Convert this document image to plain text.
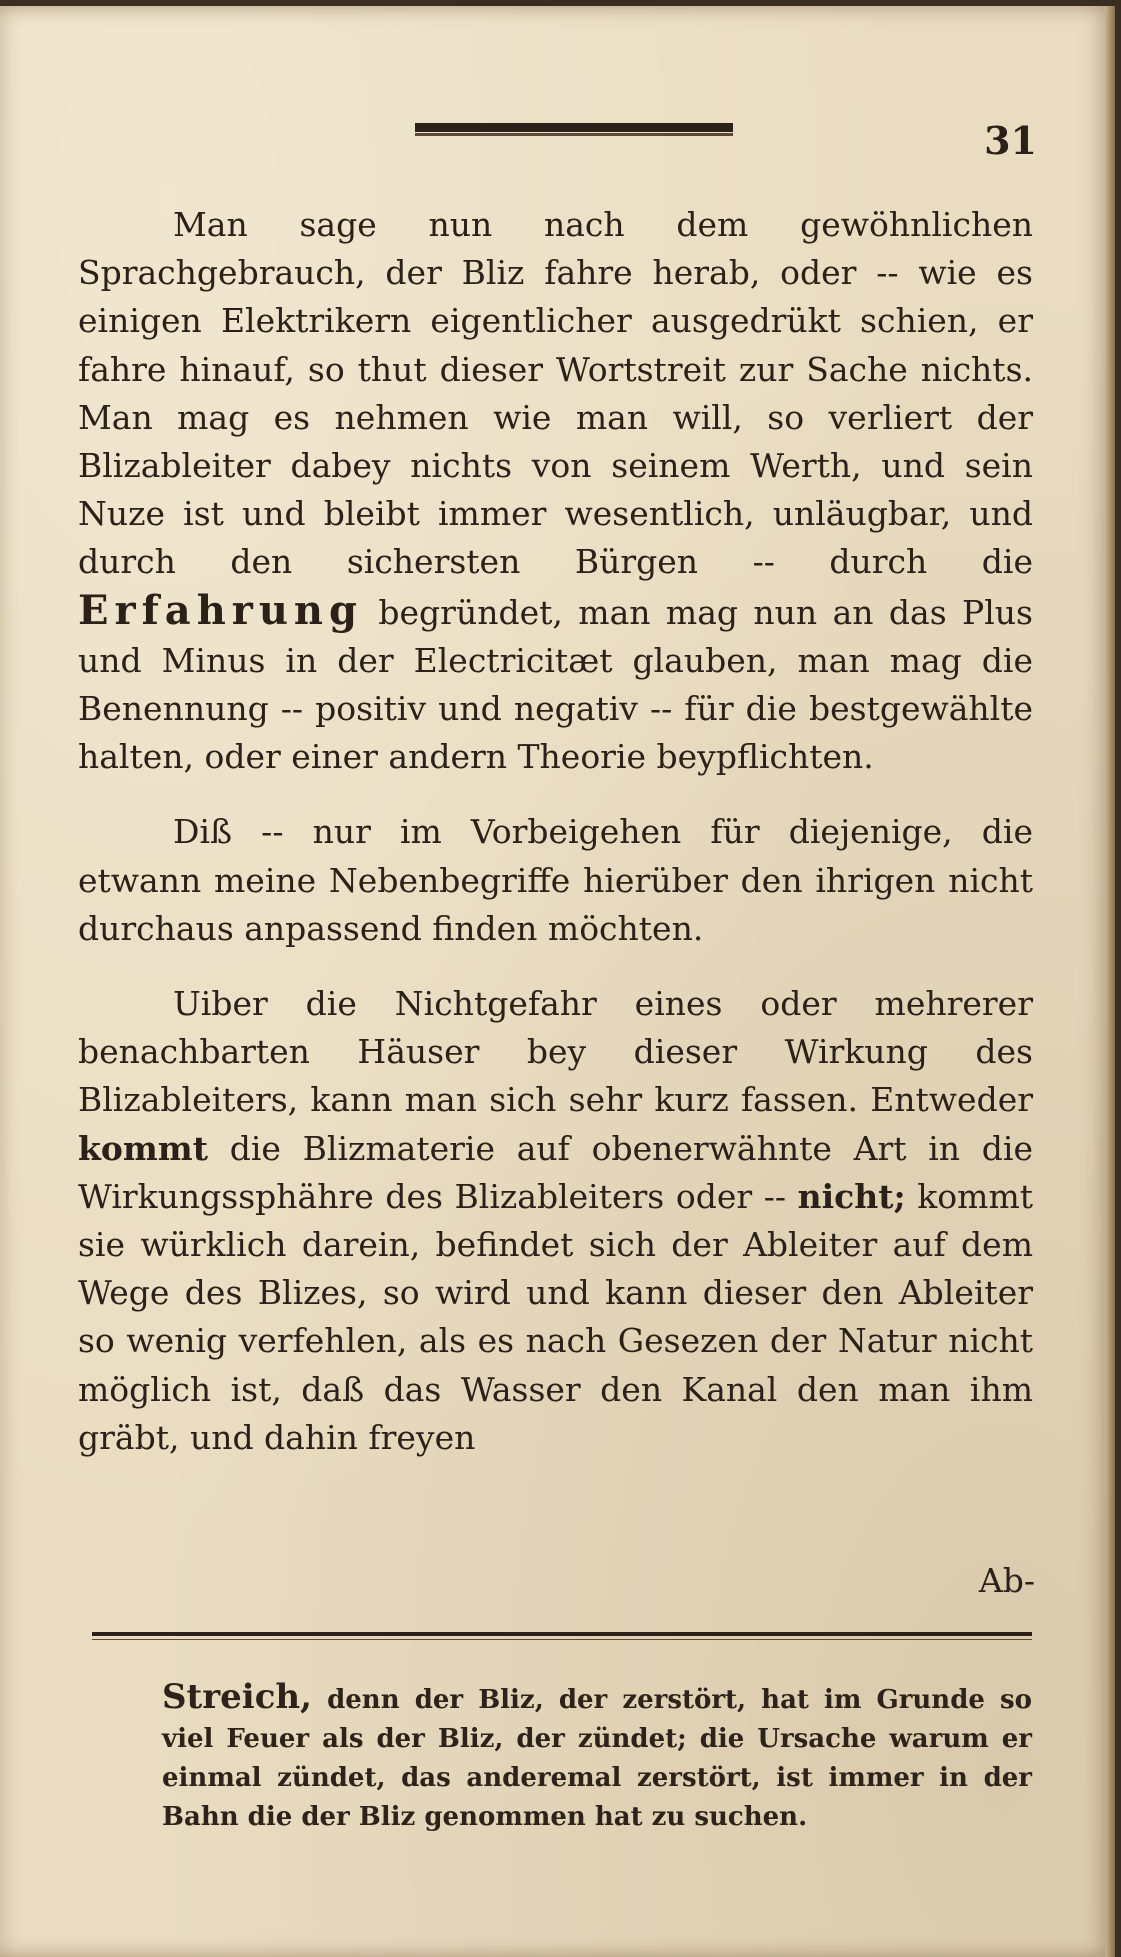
31

Man sage nun nach dem gewöhnlichen Sprachgebrauch, der Bliz fahre herab, oder -- wie es einigen Elektrikern eigentlicher ausgedrükt schien, er fahre hinauf, so thut dieser Wortstreit zur Sache nichts. Man mag es nehmen wie man will, so verliert der Blizableiter dabey nichts von seinem Werth, und sein Nuze ist und bleibt immer wesentlich, unläugbar, und durch den sichersten Bürgen -- durch die Erfahrung begründet, man mag nun an das Plus und Minus in der Electricitæt glauben, man mag die Benennung -- positiv und negativ -- für die bestgewählte halten, oder einer andern Theorie beypflichten.

Diß -- nur im Vorbeigehen für diejenige, die etwann meine Nebenbegriffe hierüber den ihrigen nicht durchaus anpassend finden möchten.

Uiber die Nichtgefahr eines oder mehrerer benachbarten Häuser bey dieser Wirkung des Blizableiters, kann man sich sehr kurz fassen. Entweder kommt die Blizmaterie auf obenerwähnte Art in die Wirkungssphähre des Blizableiters oder -- nicht; kommt sie würklich darein, befindet sich der Ableiter auf dem Wege des Blizes, so wird und kann dieser den Ableiter so wenig verfehlen, als es nach Gesezen der Natur nicht möglich ist, daß das Wasser den Kanal den man ihm gräbt, und dahin freyen

Ab-

Streich, denn der Bliz, der zerstört, hat im Grunde so viel Feuer als der Bliz, der zündet; die Ursache warum er einmal zündet, das anderemal zerstört, ist immer in der Bahn die der Bliz genommen hat zu suchen.
